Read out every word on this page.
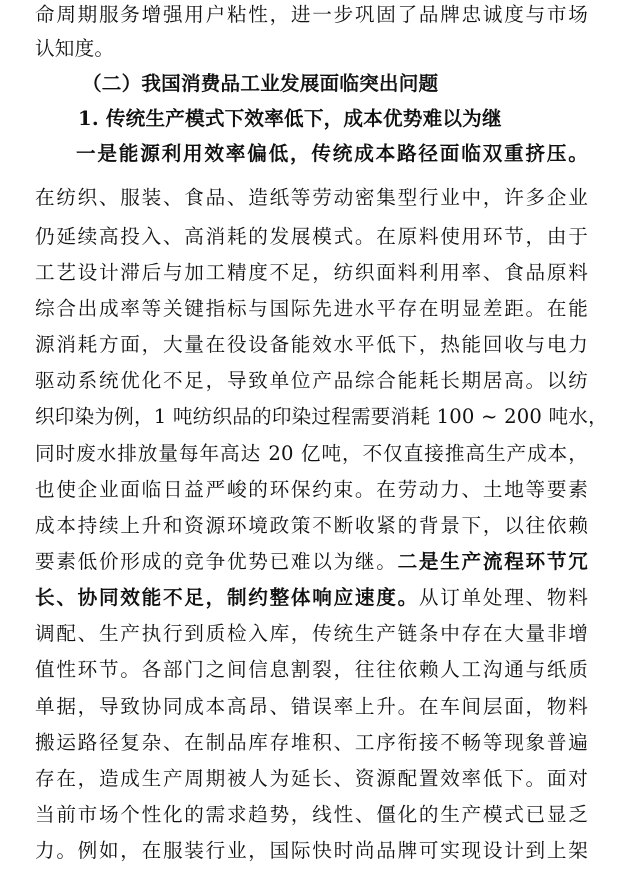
命周期服务增强用户粘性，进一步巩固了品牌忠诚度与市场
认知度。
（二）我国消费品工业发展面临突出问题
1. 传统生产模式下效率低下，成本优势难以为继
一是能源利用效率偏低，传统成本路径面临双重挤压。
在纺织、服装、食品、造纸等劳动密集型行业中，许多企业
仍延续高投入、高消耗的发展模式。在原料使用环节，由于
工艺设计滞后与加工精度不足，纺织面料利用率、食品原料
综合出成率等关键指标与国际先进水平存在明显差距。在能
源消耗方面，大量在役设备能效水平低下，热能回收与电力
驱动系统优化不足，导致单位产品综合能耗长期居高。以纺
织印染为例，1 吨纺织品的印染过程需要消耗 100 ~ 200 吨水，
同时废水排放量每年高达 20 亿吨，不仅直接推高生产成本，
也使企业面临日益严峻的环保约束。在劳动力、土地等要素
成本持续上升和资源环境政策不断收紧的背景下，以往依赖
要素低价形成的竞争优势已难以为继。二是生产流程环节冗
长、协同效能不足，制约整体响应速度。从订单处理、物料
调配、生产执行到质检入库，传统生产链条中存在大量非增
值性环节。各部门之间信息割裂，往往依赖人工沟通与纸质
单据，导致协同成本高昂、错误率上升。在车间层面，物料
搬运路径复杂、在制品库存堆积、工序衔接不畅等现象普遍
存在，造成生产周期被人为延长、资源配置效率低下。面对
当前市场个性化的需求趋势，线性、僵化的生产模式已显乏
力。例如，在服装行业，国际快时尚品牌可实现设计到上架
